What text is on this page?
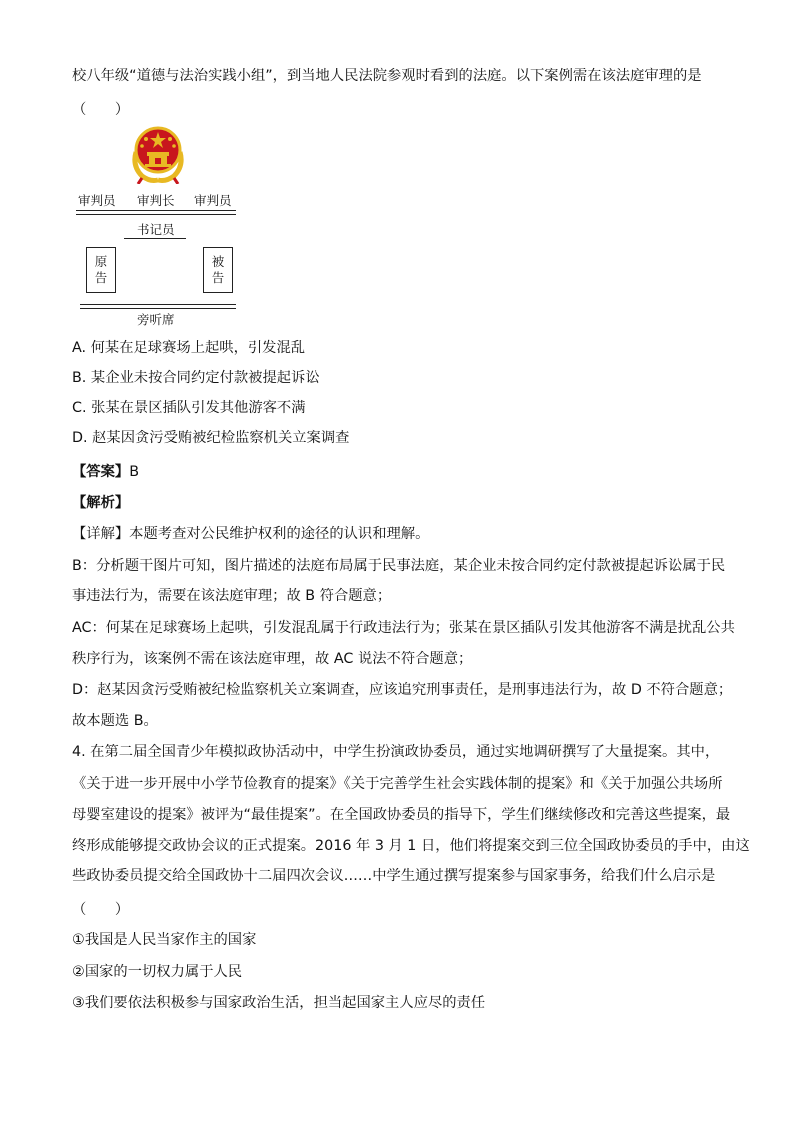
校八年级“道德与法治实践小组”，到当地人民法院参观时看到的法庭。以下案例需在该法庭审理的是
（　　）
审判员 审判长 审判员
书记员
原
告
被
告
旁听席
A. 何某在足球赛场上起哄，引发混乱
B. 某企业未按合同约定付款被提起诉讼
C. 张某在景区插队引发其他游客不满
D. 赵某因贪污受贿被纪检监察机关立案调查
【答案】B
【解析】
【详解】本题考查对公民维护权利的途径的认识和理解。
B：分析题干图片可知，图片描述的法庭布局属于民事法庭，某企业未按合同约定付款被提起诉讼属于民
事违法行为，需要在该法庭审理；故 B 符合题意；
AC：何某在足球赛场上起哄，引发混乱属于行政违法行为；张某在景区插队引发其他游客不满是扰乱公共
秩序行为，该案例不需在该法庭审理，故 AC 说法不符合题意；
D：赵某因贪污受贿被纪检监察机关立案调查，应该追究刑事责任，是刑事违法行为，故 D 不符合题意；
故本题选 B。
4. 在第二届全国青少年模拟政协活动中，中学生扮演政协委员，通过实地调研撰写了大量提案。其中，
《关于进一步开展中小学节俭教育的提案》《关于完善学生社会实践体制的提案》和《关于加强公共场所
母婴室建设的提案》被评为“最佳提案”。在全国政协委员的指导下，学生们继续修改和完善这些提案，最
终形成能够提交政协会议的正式提案。2016 年 3 月 1 日，他们将提案交到三位全国政协委员的手中，由这
些政协委员提交给全国政协十二届四次会议……中学生通过撰写提案参与国家事务，给我们什么启示是
（　　）
①我国是人民当家作主的国家
②国家的一切权力属于人民
③我们要依法积极参与国家政治生活，担当起国家主人应尽的责任
